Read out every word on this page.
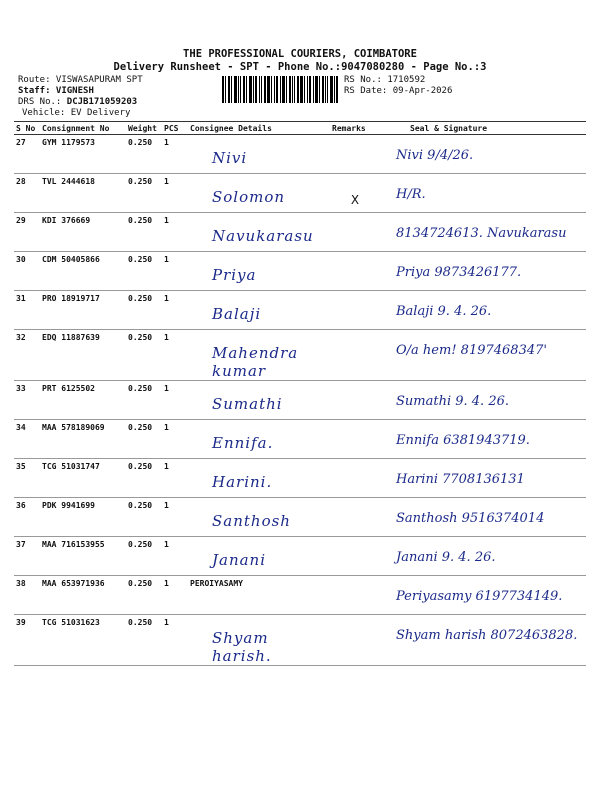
THE PROFESSIONAL COURIERS, COIMBATORE
Delivery Runsheet - SPT - Phone No.:9047080280 - Page No.:3
Route: VISWASAPURAM SPT
Staff: VIGNESH
DRS No.: DCJB171059203
Vehicle: EV Delivery
RS No.: 1710592
RS Date: 09-Apr-2026
S No	Consignment No	Weight	PCS	Consignee Details	Remarks	Seal & Signature
27	GYM 1179573	0.250	1	Nivi		Nivi 9/4/26.
28	TVL 2444618	0.250	1	Solomon	X	H/R.
29	KDI 376669	0.250	1	Navukarasu		8134724613. Navukarasu
30	CDM 50405866	0.250	1	Priya		Priya 9873426177.
31	PRO 18919717	0.250	1	Balaji		Balaji 9. 4. 26.
32	EDQ 11887639	0.250	1	Mahendra kumar		O/a hem! 8197468347'
33	PRT 6125502	0.250	1	Sumathi		Sumathi 9. 4. 26.
34	MAA 578189069	0.250	1	Ennifa.		Ennifa 6381943719.
35	TCG 51031747	0.250	1	Harini.		Harini 7708136131
36	PDK 9941699	0.250	1	Santhosh		Santhosh 9516374014
37	MAA 716153955	0.250	1	Janani		Janani 9. 4. 26.
38	MAA 653971936	0.250	1	PEROIYASAMY		Periyasamy 6197734149.
39	TCG 51031623	0.250	1	Shyam harish.		Shyam harish 8072463828.
